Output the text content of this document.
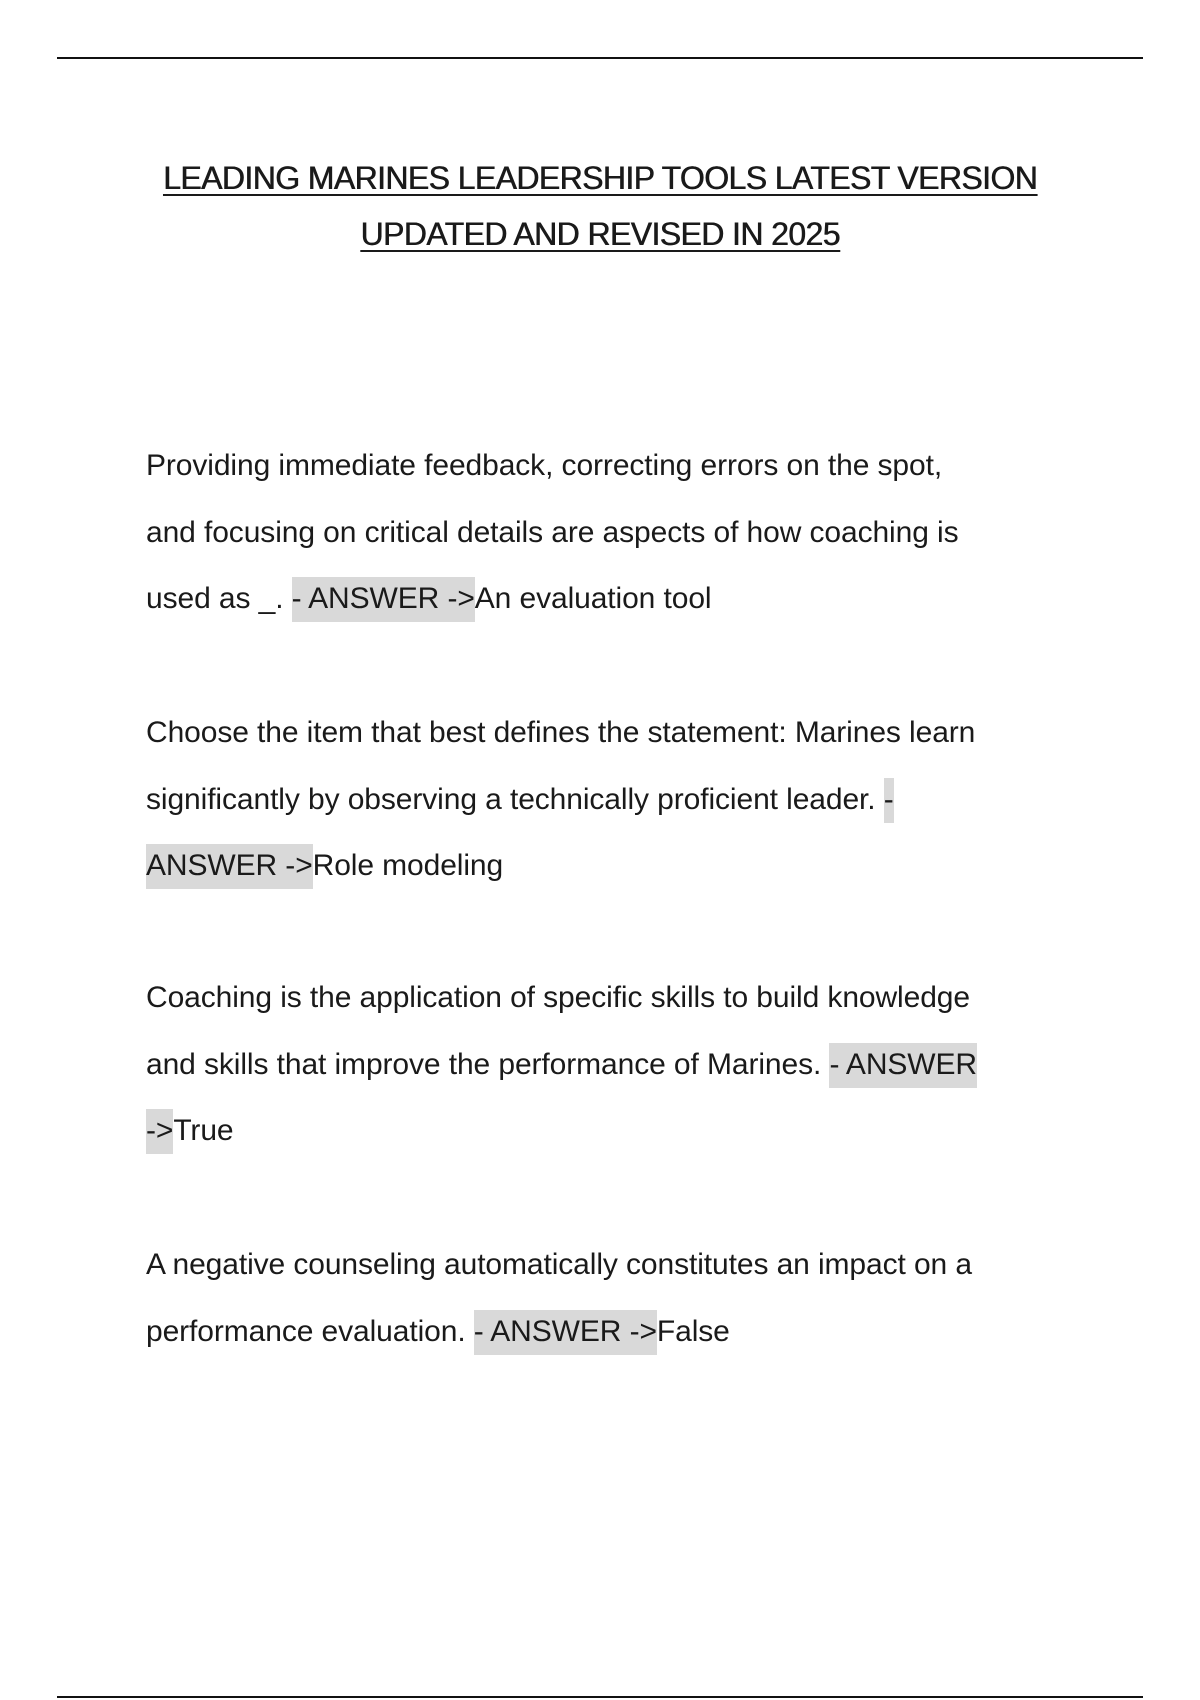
LEADING MARINES LEADERSHIP TOOLS LATEST VERSION
UPDATED AND REVISED IN 2025

Providing immediate feedback, correcting errors on the spot,
and focusing on critical details are aspects of how coaching is
used as _. - ANSWER ->An evaluation tool

Choose the item that best defines the statement: Marines learn
significantly by observing a technically proficient leader. -
ANSWER ->Role modeling

Coaching is the application of specific skills to build knowledge
and skills that improve the performance of Marines. - ANSWER
->True

A negative counseling automatically constitutes an impact on a
performance evaluation. - ANSWER ->False
